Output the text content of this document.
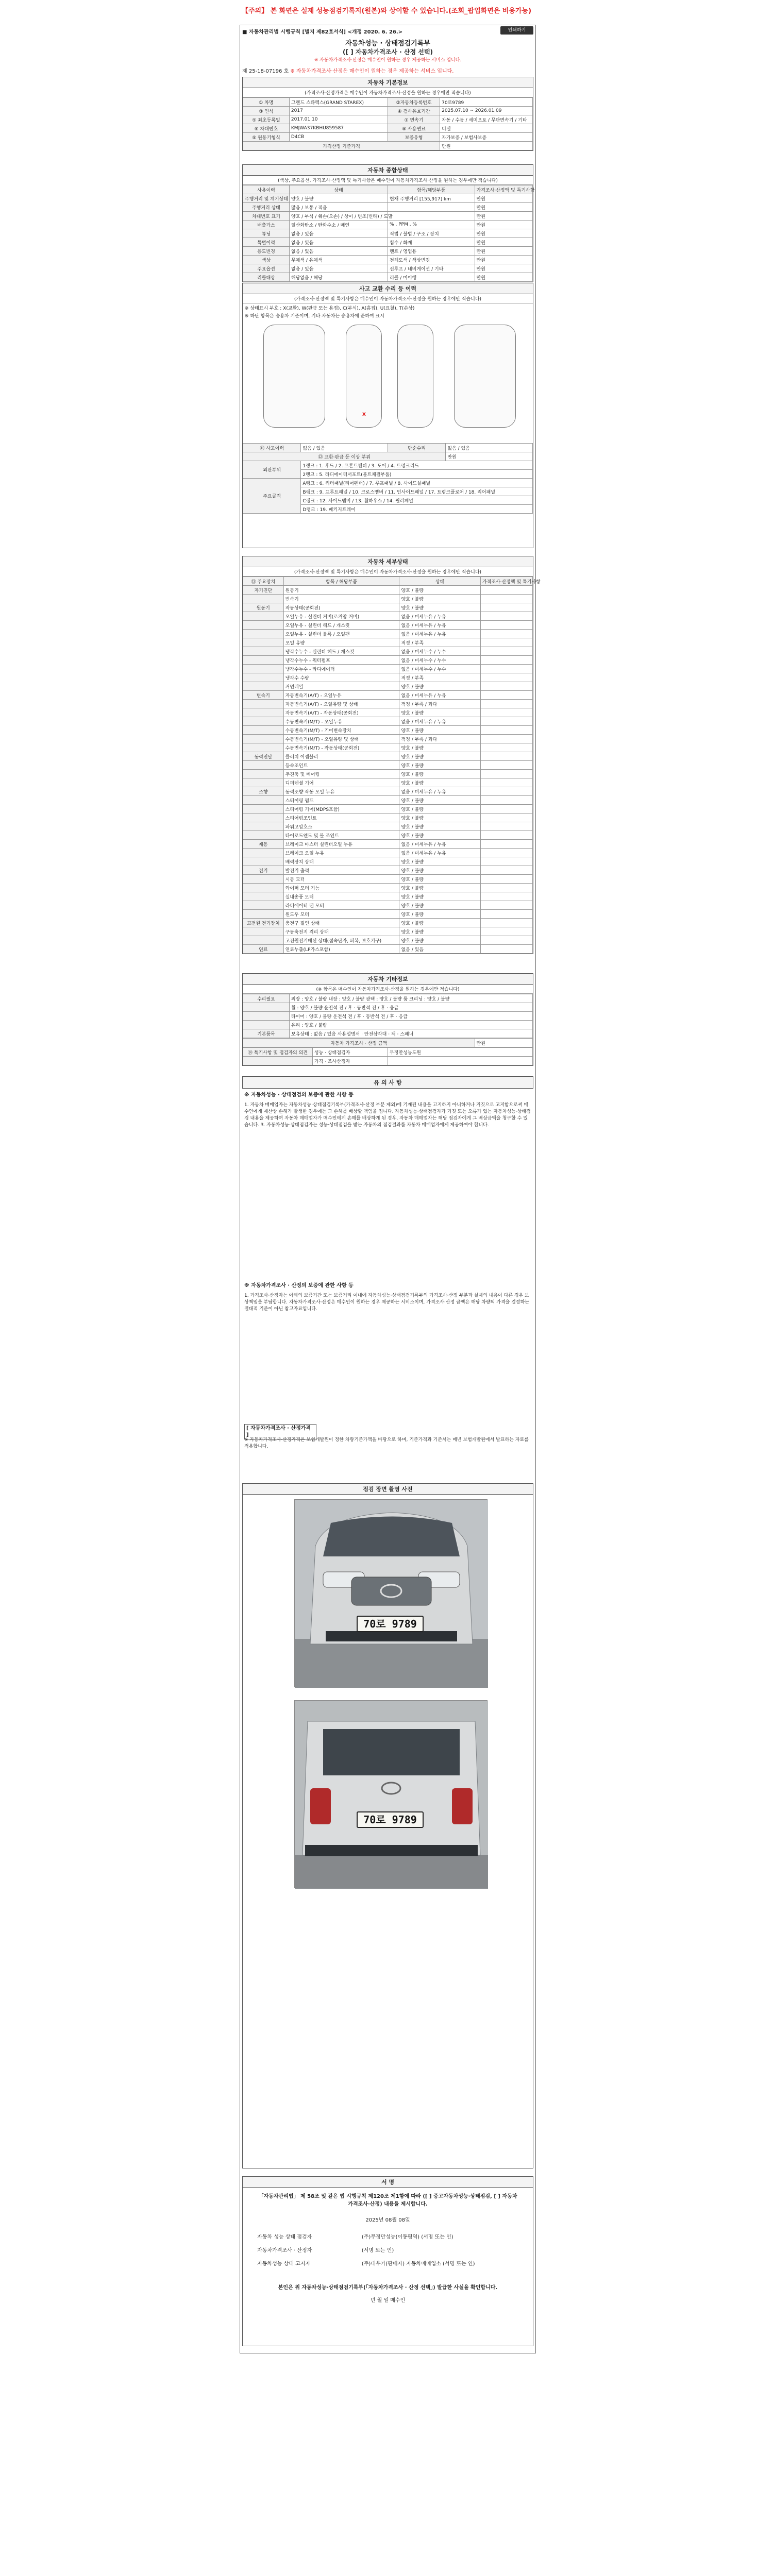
【주의】 본 화면은 실제 성능점검기록지(원본)와 상이할 수 있습니다.(조회_팝업화면은 비용가능)
■ 자동차관리법 시행규칙 [별지 제82호서식] <개정 2020. 6. 26.>	인쇄하기
자동차성능 · 상태점검기록부
([ ] 자동차가격조사 · 산정 선택)
※ 자동차가격조사·산정은 매수인이 원하는 경우 제공하는 서비스 입니다.
제 25-18-07196 호 ※ 자동차가격조사·산정은 매수인이 원하는 경우 제공하는 서비스 입니다.
자동차 기본정보
(가격조사·산정가격은 매수인이 자동차가격조사·산정을 원하는 경우에만 적습니다)
① 차명	그랜드 스타렉스(GRAND STAREX)	②자동차등록번호	70로9789
③ 연식	2017	④ 검사유효기간	2025.07.10 ~ 2026.01.09
⑤ 최초등록일	2017.01.10	⑦ 변속기	자동 / 수동 / 세미오토 / 무단변속기 / 기타
⑥ 차대번호	KMJWA37KBHU859587	⑧ 사용연료	디젤
⑨ 원동기형식	D4CB	보증유형	자가보증 / 보험사보증
가격산정 기준가격			만원
자동차 종합상태
(색상, 주요옵션, 가격조사·산정액 및 특기사항은 매수인이 자동차가격조사·산정을 원하는 경우에만 적습니다)
사용이력	상태	항목/해당부품	가격조사·산정액 및 특기사항
주행거리 및 계기상태	양호 / 불량	현재 주행거리 [155,917] km	만원
주행거리 상태	많음 / 보통 / 적음		만원
차대번호 표기	양호 / 부식 / 훼손(오손) / 상이 / 변조(변타) / 도말		만원
배출가스	일산화탄소 / 탄화수소 / 매연	% , PPM , %	만원
튜닝	없음 / 있음	적법 / 불법 / 구조 / 장치	만원
특별이력	없음 / 있음	침수 / 화재	만원
용도변경	없음 / 있음	렌트 / 영업용	만원
색상	무채색 / 유채색	전체도색 / 색상변경	만원
주요옵션	없음 / 있음	선루프 / 네비게이션 / 기타	만원
리콜대상	해당없음 / 해당	리콜 / 미이행	만원
사고 교환 수리 등 이력
(가격조사·산정액 및 특기사항은 매수인이 자동차가격조사·산정을 원하는 경우에만 적습니다)
※ 상태표시 부호 : X(교환), W(판금 또는 용접), C(부식), A(흠집), U(요철), T(손상)
※ 하단 항목은 승용차 기준이며, 기타 자동차는 승용차에 준하여 표시
X
⑪ 사고이력	없음 / 있음	단순수리	없음 / 있음
⑫ 교환·판금 등 이상 부위			만원
외판부위	1랭크 : 1. 후드 / 2. 프론트펜더 / 3. 도어 / 4. 트렁크리드		
	2랭크 : 5. 라디에이터서포트(볼트체결부품)		
주요골격	A랭크 : 6. 쿼터패널(리어펜더) / 7. 루프패널 / 8. 사이드실패널		
	B랭크 : 9. 프론트패널 / 10. 크로스멤버 / 11. 인사이드패널 / 17. 트렁크플로어 / 18. 리어패널		
	C랭크 : 12. 사이드멤버 / 13. 휠하우스 / 14. 필러패널		
	D랭크 : 19. 패키지트레이		
자동차 세부상태
(가격조사·산정액 및 특기사항은 매수인이 자동차가격조사·산정을 원하는 경우에만 적습니다)
⑬ 주요장치	항목 / 해당부품	상태	가격조사·산정액 및 특기사항
자기진단	원동기	양호 / 불량	
	변속기	양호 / 불량	
원동기	작동상태(공회전)	양호 / 불량	
	오일누유 - 실린더 커버(로커암 커버)	없음 / 미세누유 / 누유	
	오일누유 - 실린더 헤드 / 개스킷	없음 / 미세누유 / 누유	
	오일누유 - 실린더 블록 / 오일팬	없음 / 미세누유 / 누유	
	오일 유량	적정 / 부족	
	냉각수누수 - 실린더 헤드 / 개스킷	없음 / 미세누수 / 누수	
	냉각수누수 - 워터펌프	없음 / 미세누수 / 누수	
	냉각수누수 - 라디에이터	없음 / 미세누수 / 누수	
	냉각수 수량	적정 / 부족	
	커먼레일	양호 / 불량	
변속기	자동변속기(A/T) - 오일누유	없음 / 미세누유 / 누유	
	자동변속기(A/T) - 오일유량 및 상태	적정 / 부족 / 과다	
	자동변속기(A/T) - 작동상태(공회전)	양호 / 불량	
	수동변속기(M/T) - 오일누유	없음 / 미세누유 / 누유	
	수동변속기(M/T) - 기어변속장치	양호 / 불량	
	수동변속기(M/T) - 오일유량 및 상태	적정 / 부족 / 과다	
	수동변속기(M/T) - 작동상태(공회전)	양호 / 불량	
동력전달	클러치 어셈블리	양호 / 불량	
	등속조인트	양호 / 불량	
	추진축 및 베어링	양호 / 불량	
	디퍼렌셜 기어	양호 / 불량	
조향	동력조향 작동 오일 누유	없음 / 미세누유 / 누유	
	스티어링 펌프	양호 / 불량	
	스티어링 기어(MDPS포함)	양호 / 불량	
	스티어링조인트	양호 / 불량	
	파워고압호스	양호 / 불량	
	타이로드엔드 및 볼 조인트	양호 / 불량	
제동	브레이크 마스터 실린더오일 누유	없음 / 미세누유 / 누유	
	브레이크 오일 누유	없음 / 미세누유 / 누유	
	배력장치 상태	양호 / 불량	
전기	발전기 출력	양호 / 불량	
	시동 모터	양호 / 불량	
	와이퍼 모터 기능	양호 / 불량	
	실내송풍 모터	양호 / 불량	
	라디에이터 팬 모터	양호 / 불량	
	윈도우 모터	양호 / 불량	
고전원 전기장치	충전구 절연 상태	양호 / 불량	
	구동축전지 격리 상태	양호 / 불량	
	고전원전기배선 상태(접속단자, 피복, 보호기구)	양호 / 불량	
연료	연료누출(LP가스포함)	없음 / 있음	
자동차 기타정보
(※ 항목은 매수인이 자동차가격조사·산정을 원하는 경우에만 적습니다)
수리필요	외장 : 양호 / 불량 내장 : 양호 / 불량 광택 : 양호 / 불량 룸 크리닝 : 양호 / 불량
	휠 : 양호 / 불량 운전석 전 / 후 · 동반석 전 / 후 · 응급
	타이어 : 양호 / 불량 운전석 전 / 후 · 동반석 전 / 후 · 응급
	유리 : 양호 / 불량
기본품목	보유상태 : 없음 / 있음 사용설명서 · 안전삼각대 · 잭 · 스패너
자동차 가격조사 · 산정 금액	만원
⑭ 특기사항 및 점검자의 의견	성능 · 상태점검자	무정만성능도원
	가격 · 조사산정자	
유 의 사 항
※ 자동차성능 · 상태점검의 보증에 관한 사항 등
1. 자동차 매매업자는 자동차성능·상태점검기록부(가격조사·산정 부분 제외)에 기재된 내용을 고지하지 아니하거나 거짓으로 고지함으로써 매수인에게 재산상 손해가 발생한 경우에는 그 손해를 배상할 책임을 집니다. 자동차성능·상태점검자가 거짓 또는 오류가 있는 자동차성능·상태점검 내용을 제공하여 자동차 매매업자가 매수인에게 손해를 배상하게 된 경우, 자동차 매매업자는 해당 점검자에게 그 배상금액을 청구할 수 있습니다. 3. 자동차성능·상태점검자는 성능·상태점검을 받는 자동차의 점검결과를 자동차 매매업자에게 제공하여야 합니다.
※ 자동차가격조사 · 산정의 보증에 관한 사항 등
1. 가격조사·산정자는 아래의 보증기간 또는 보증거리 이내에 자동차성능·상태점검기록부의 가격조사·산정 부분과 실제의 내용이 다른 경우 보상책임을 부담합니다. 자동차가격조사·산정은 매수인이 원하는 경우 제공하는 서비스이며, 가격조사·산정 금액은 해당 차량의 가격을 결정하는 절대적 기준이 아닌 참고자료입니다.
[ 자동차가격조사 · 산정가격 ]
※ 자동차가격조사·산정가격은 보험개발원이 정한 차량기준가액을 바탕으로 하며, 기준가격과 기준서는 매년 보험개발원에서 발표하는 자료를 적용합니다.
점검 장면 촬영 사진
70로 9789
70로 9789
서 명
「자동차관리법」 제 58조 및 같은 법 시행규칙 제120조 제1항에 따라 ([ ] 중고자동차성능·상태점검, [ ] 자동차가격조사·산정) 내용을 제시합니다.
2025년 08월 08일
자동차 성능 상태 점검자	(주)무정만성능(이동평역) (서명 또는 인)
자동차가격조사 · 산정자	(서명 또는 인)
자동차성능 상태 고지자	(주)대우카(판매자) 자동차매매업소 (서명 또는 인)
본인은 위 자동차성능·상태점검기록부(「자동차가격조사 · 산정 선택」) 발급한 사실을 확인합니다.
년 월 일 매수인
